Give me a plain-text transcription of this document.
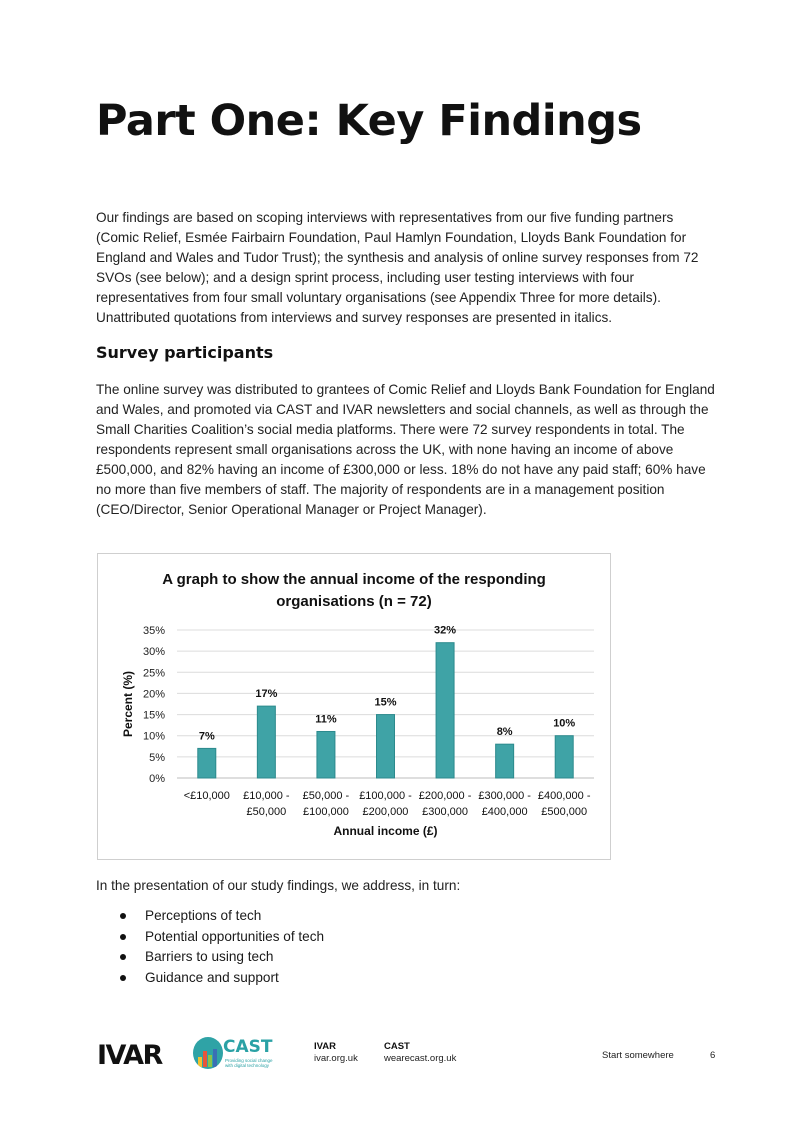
Part One: Key Findings

Our findings are based on scoping interviews with representatives from our five funding partners (Comic Relief, Esmée Fairbairn Foundation, Paul Hamlyn Foundation, Lloyds Bank Foundation for England and Wales and Tudor Trust); the synthesis and analysis of online survey responses from 72 SVOs (see below); and a design sprint process, including user testing interviews with four representatives from four small voluntary organisations (see Appendix Three for more details). Unattributed quotations from interviews and survey responses are presented in italics.

Survey participants

The online survey was distributed to grantees of Comic Relief and Lloyds Bank Foundation for England and Wales, and promoted via CAST and IVAR newsletters and social channels, as well as through the Small Charities Coalition’s social media platforms. There were 72 survey respondents in total. The respondents represent small organisations across the UK, with none having an income of above £500,000, and 82% having an income of £300,000 or less. 18% do not have any paid staff; 60% have no more than five members of staff. The majority of respondents are in a management position (CEO/Director, Senior Operational Manager or Project Manager).

A graph to show the annual income of the responding
organisations (n = 72)
0%
5%
10%
15%
20%
25%
30%
35%
Percent (%)	7%
<£10,000
17%
£10,000 -
£50,000
11%
£50,000 -
£100,000
15%
£100,000 -
£200,000
32%
£200,000 -
£300,000
8%
£300,000 -
£400,000
10%
£400,000 -
£500,000
Annual income (£)

In the presentation of our study findings, we address, in turn:

Perceptions of tech
Potential opportunities of tech
Barriers to using tech
Guidance and support
IVAR	CAST
Providing social change with digital technology
IVAR
ivar.org.uk
CAST
wearecast.org.uk	Start somewhere	6
